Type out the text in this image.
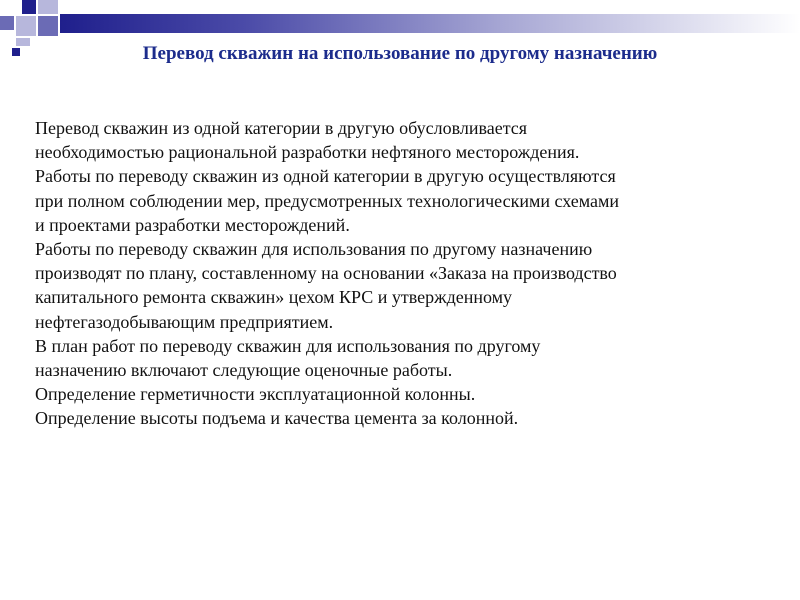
Перевод скважин на использование по другому назначению

Перевод скважин из одной категории в другую обусловливается

необходимостью рациональной разработки нефтяного месторождения.

Работы по переводу скважин из одной категории в другую осуществляются

при полном соблюдении мер, предусмотренных технологическими схемами

и проектами разработки месторождений.

Работы по переводу скважин для использования по другому назначению

производят по плану, составленному на основании «Заказа на производство

капитального ремонта скважин» цехом КРС и утвержденному

нефтегазодобывающим предприятием.

В план работ по переводу скважин для использования по другому

назначению включают следующие оценочные работы.

Определение герметичности эксплуатационной колонны.

Определение высоты подъема и качества цемента за колонной.
